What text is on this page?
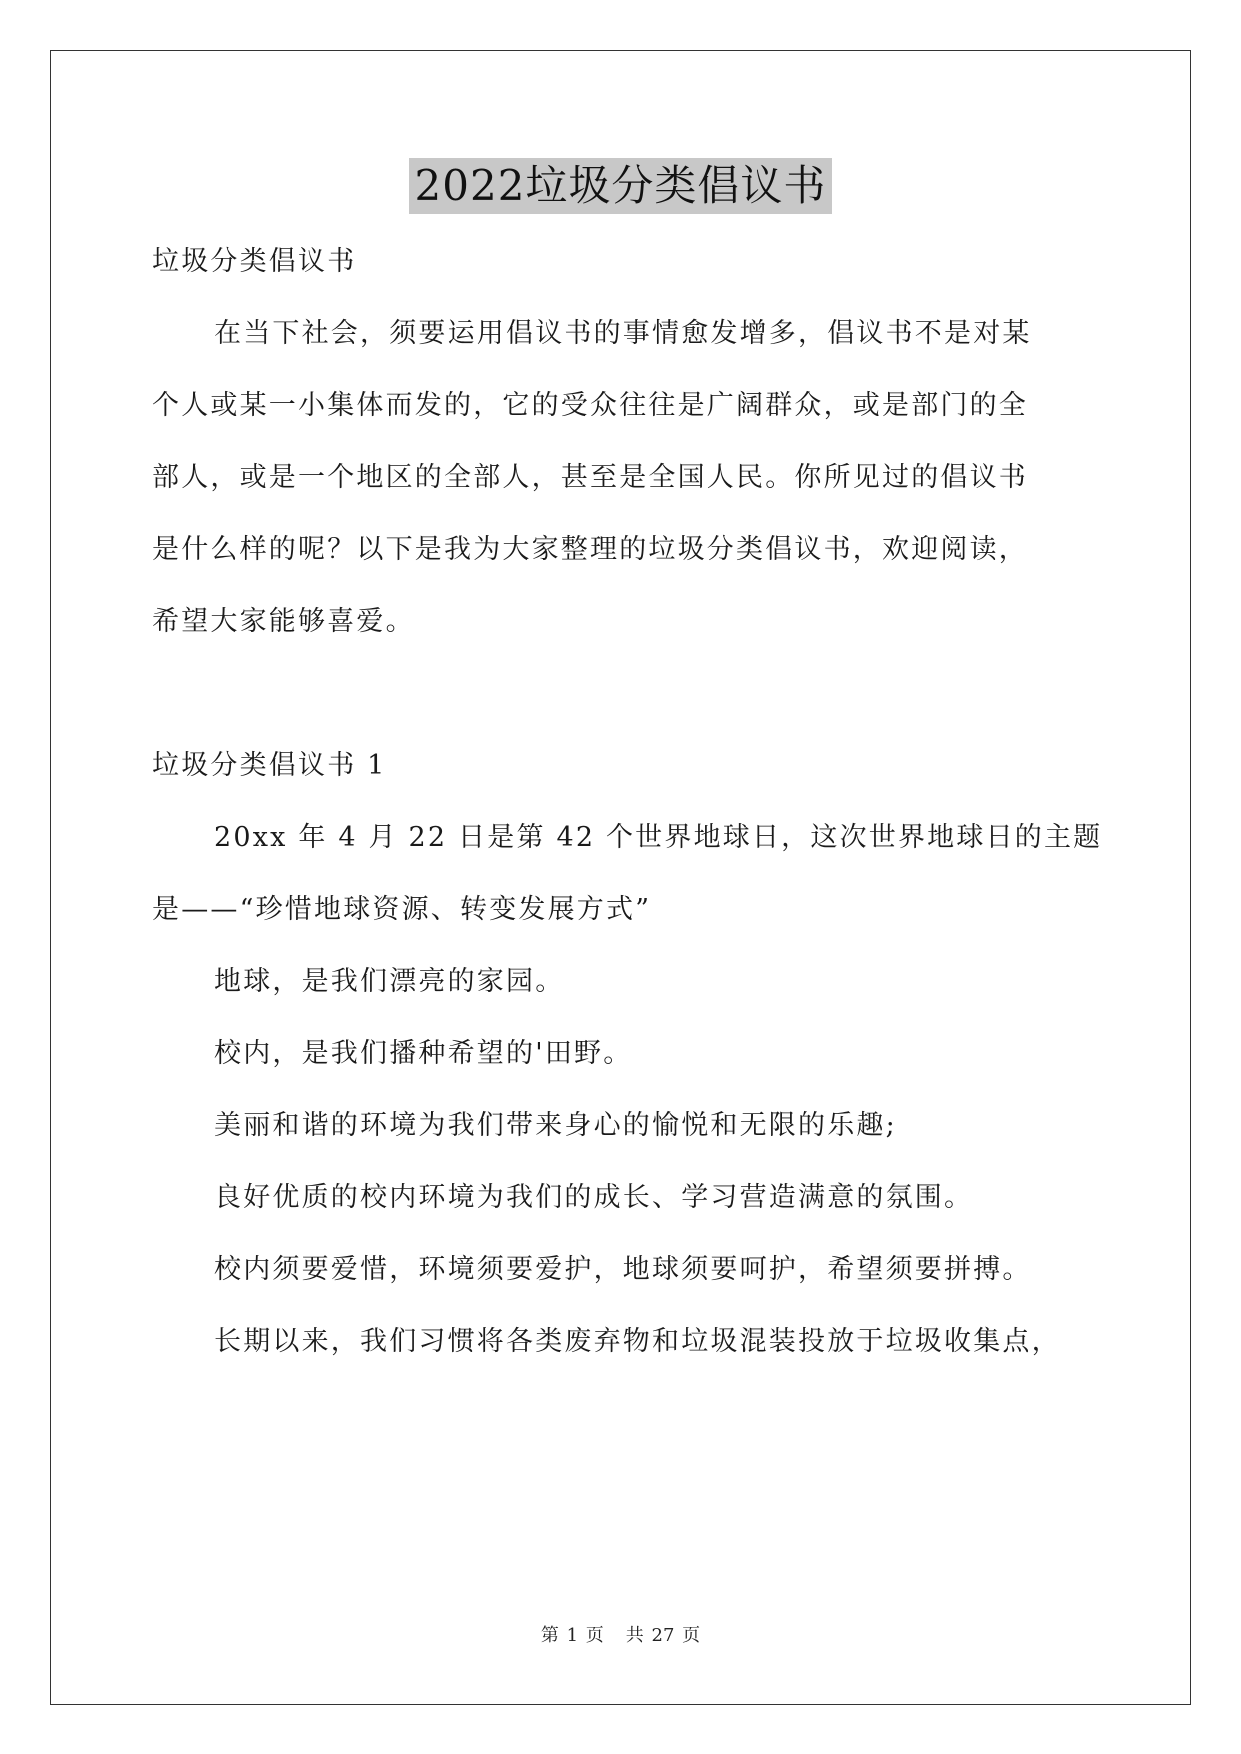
2022垃圾分类倡议书
垃圾分类倡议书
在当下社会，须要运用倡议书的事情愈发增多，倡议书不是对某
个人或某一小集体而发的，它的受众往往是广阔群众，或是部门的全
部人，或是一个地区的全部人，甚至是全国人民。你所见过的倡议书
是什么样的呢？以下是我为大家整理的垃圾分类倡议书，欢迎阅读，
希望大家能够喜爱。
垃圾分类倡议书 1
20xx 年 4 月 22 日是第 42 个世界地球日，这次世界地球日的主题
是——“珍惜地球资源、转变发展方式”
地球，是我们漂亮的家园。
校内，是我们播种希望的'田野。
美丽和谐的环境为我们带来身心的愉悦和无限的乐趣;
良好优质的校内环境为我们的成长、学习营造满意的氛围。
校内须要爱惜，环境须要爱护，地球须要呵护，希望须要拼搏。
长期以来，我们习惯将各类废弃物和垃圾混装投放于垃圾收集点，
第 1 页 共 27 页
